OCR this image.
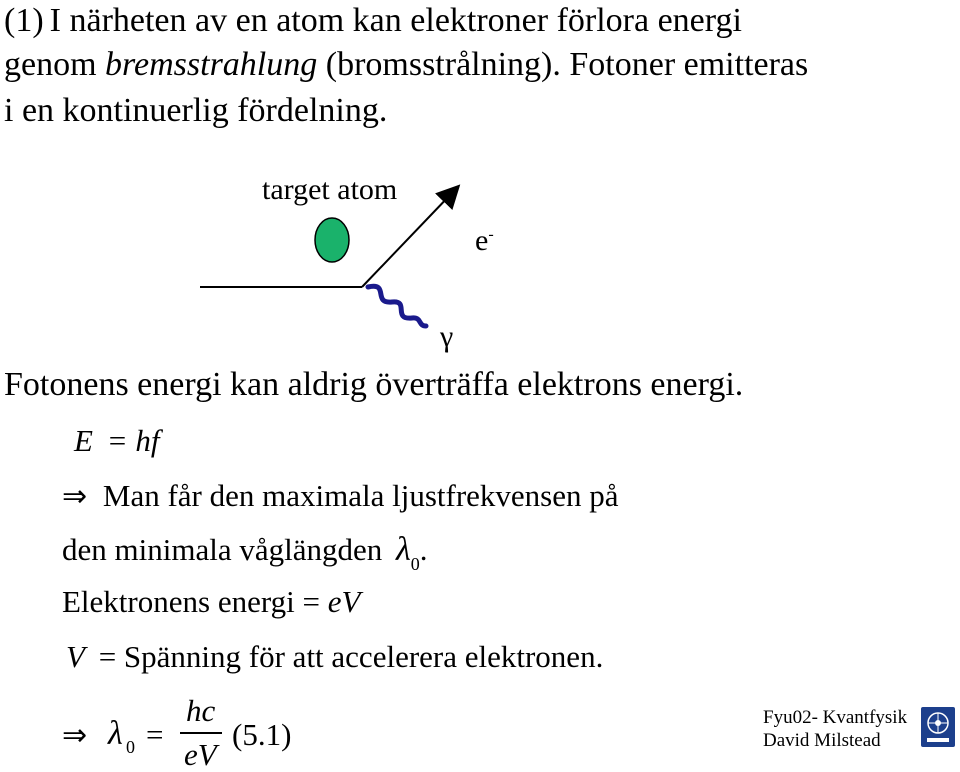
(1) I närheten av en atom kan elektroner förlora energi
genom bremsstrahlung (bromsstrålning). Fotoner emitteras
i en kontinuerlig fördelning.
target atom
e-
γ
Fotonens energi kan aldrig överträffa elektrons energi.
E = hf
⇒ Man får den maximala ljustfrekvensen på
den minimala våglängden $\lambda_0$.
Elektronens energi = eV
V = Spänning för att accelerera elektronen.
⇒ λ 0 =
hc
eV
(5.1)	Fyu02- Kvantfysik
David Milstead
